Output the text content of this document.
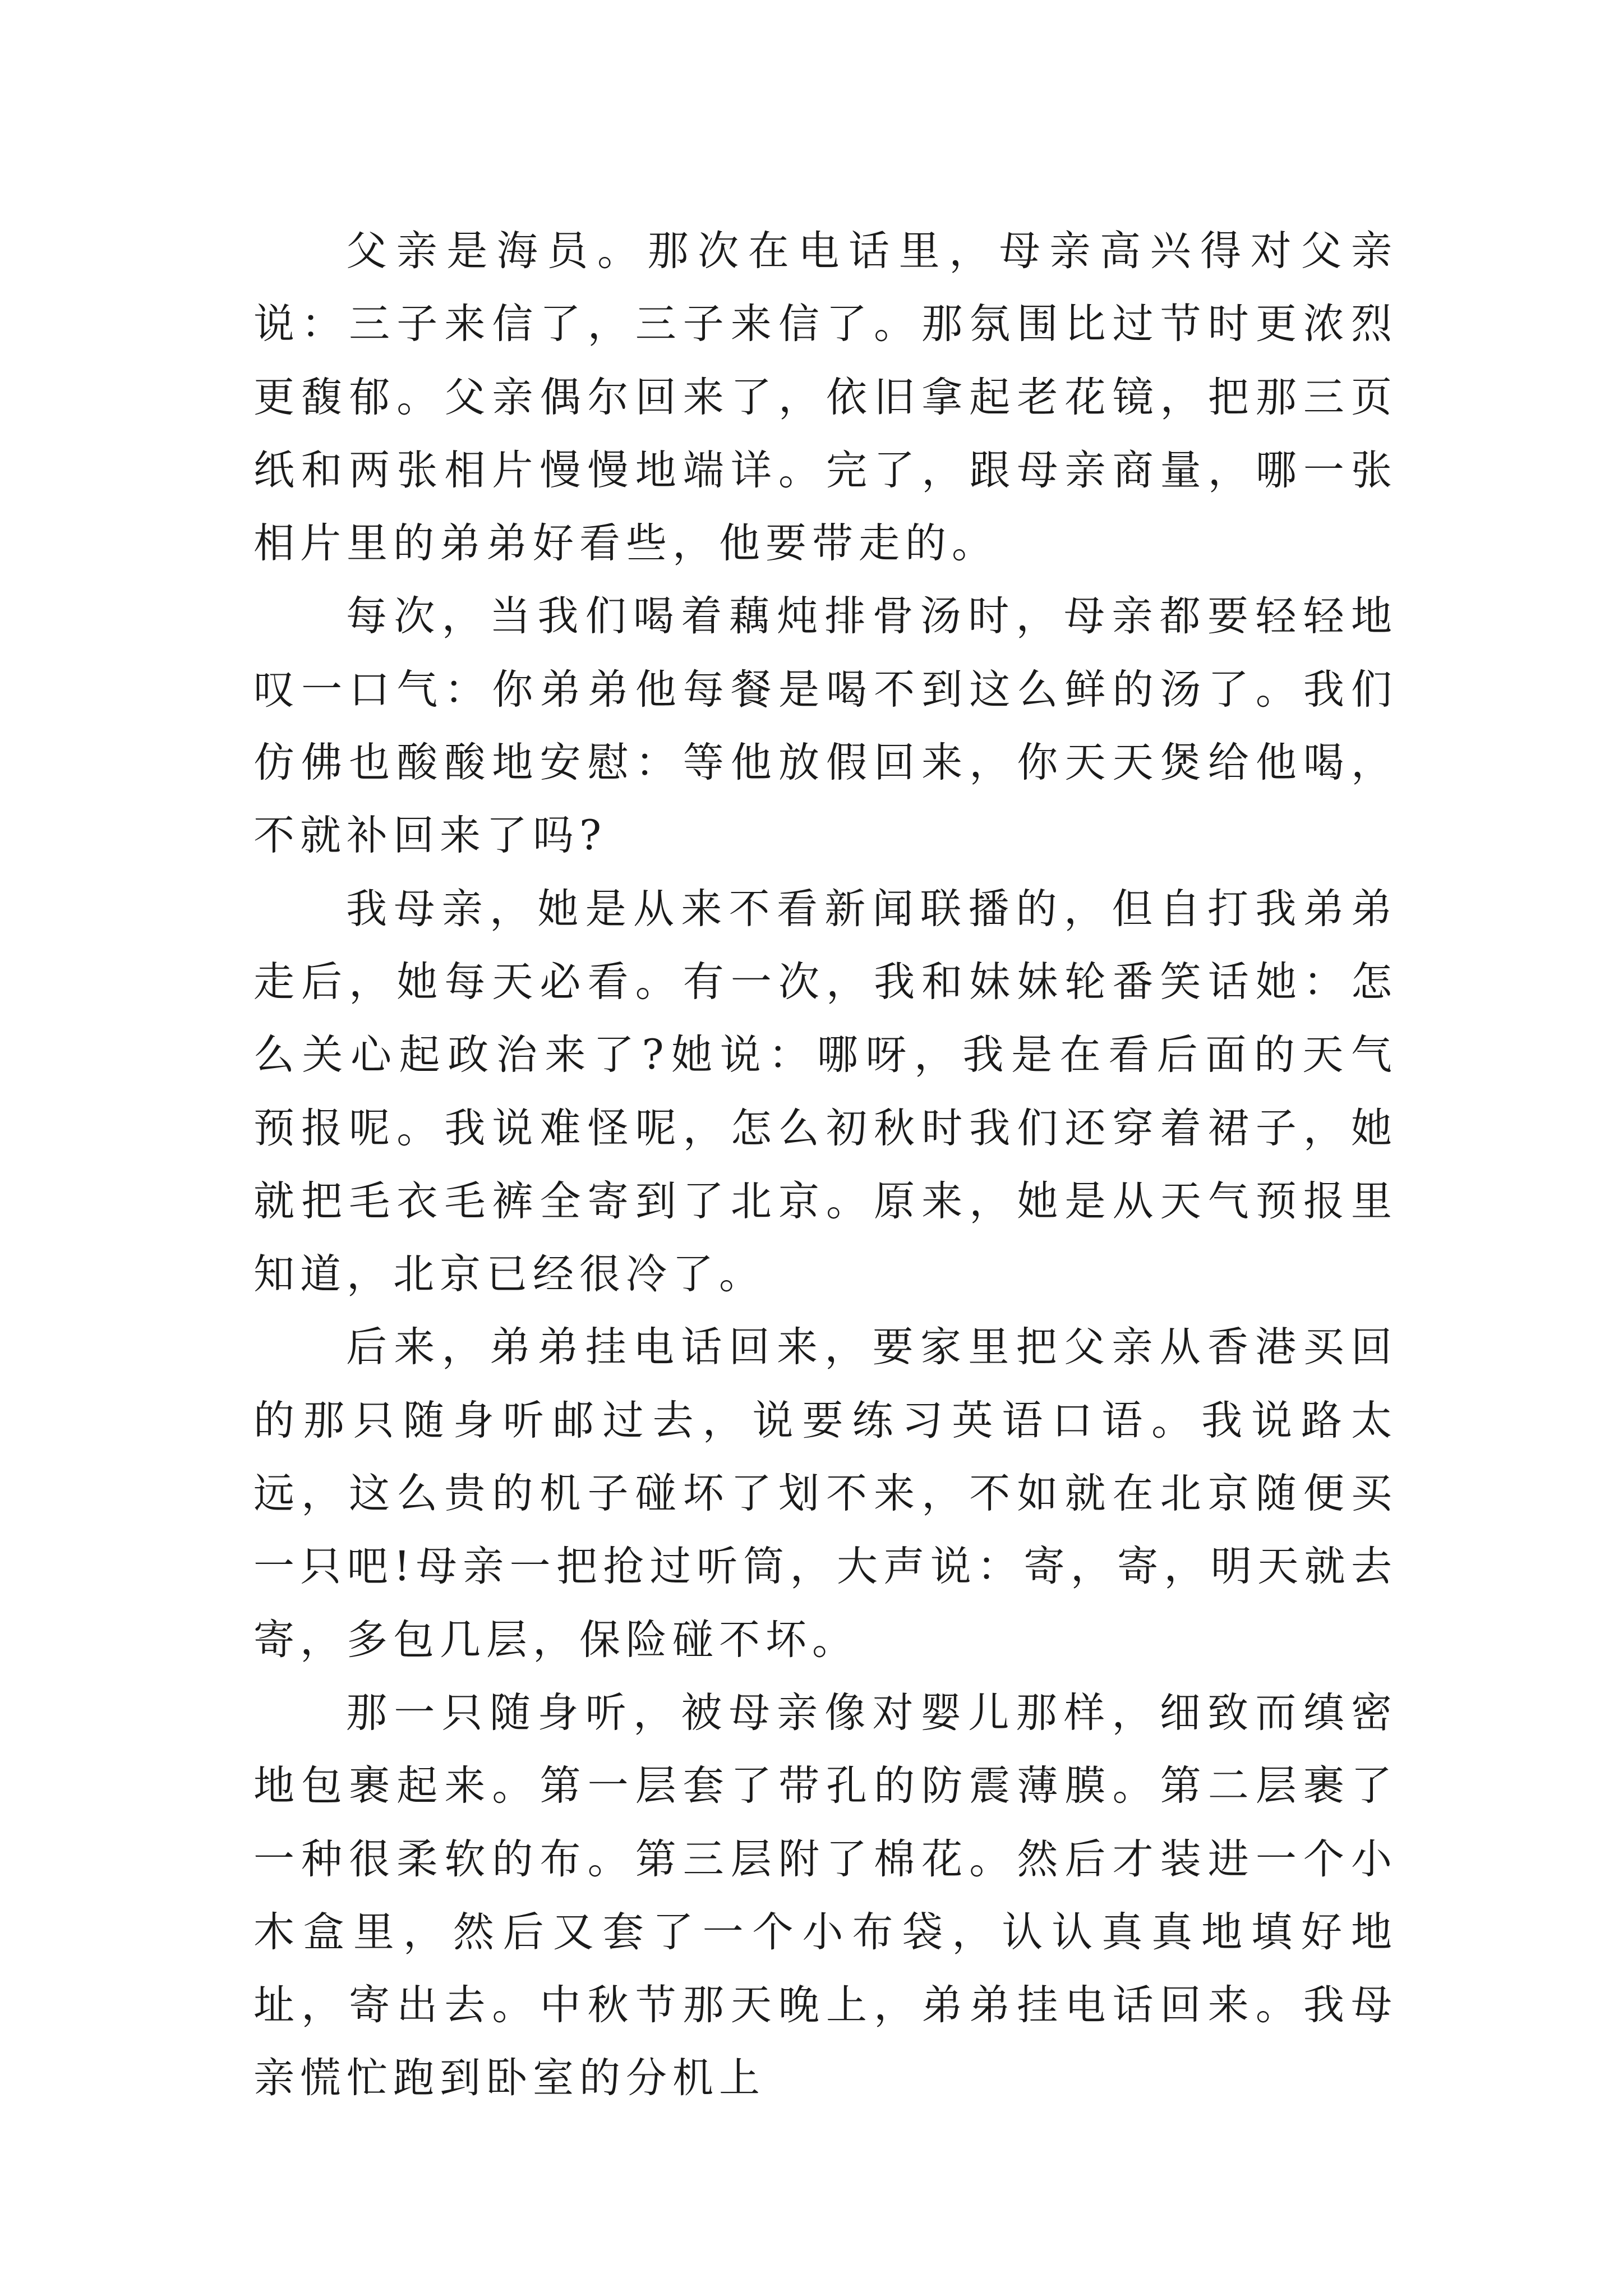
父亲是海员。那次在电话里，母亲高兴得对父亲说：三子来信了，三子来信了。那氛围比过节时更浓烈更馥郁。父亲偶尔回来了，依旧拿起老花镜，把那三页纸和两张相片慢慢地端详。完了，跟母亲商量，哪一张相片里的弟弟好看些，他要带走的。

每次，当我们喝着藕炖排骨汤时，母亲都要轻轻地叹一口气：你弟弟他每餐是喝不到这么鲜的汤了。我们仿佛也酸酸地安慰：等他放假回来，你天天煲给他喝，不就补回来了吗?

我母亲，她是从来不看新闻联播的，但自打我弟弟走后，她每天必看。有一次，我和妹妹轮番笑话她：怎么关心起政治来了?她说：哪呀，我是在看后面的天气预报呢。我说难怪呢，怎么初秋时我们还穿着裙子，她就把毛衣毛裤全寄到了北京。原来，她是从天气预报里知道，北京已经很冷了。

后来，弟弟挂电话回来，要家里把父亲从香港买回的那只随身听邮过去，说要练习英语口语。我说路太远，这么贵的机子碰坏了划不来，不如就在北京随便买一只吧!母亲一把抢过听筒，大声说：寄，寄，明天就去寄，多包几层，保险碰不坏。

那一只随身听，被母亲像对婴儿那样，细致而缜密地包裹起来。第一层套了带孔的防震薄膜。第二层裹了一种很柔软的布。第三层附了棉花。然后才装进一个小木盒里，然后又套了一个小布袋，认认真真地填好地址，寄出去。中秋节那天晚上，弟弟挂电话回来。我母亲慌忙跑到卧室的分机上
